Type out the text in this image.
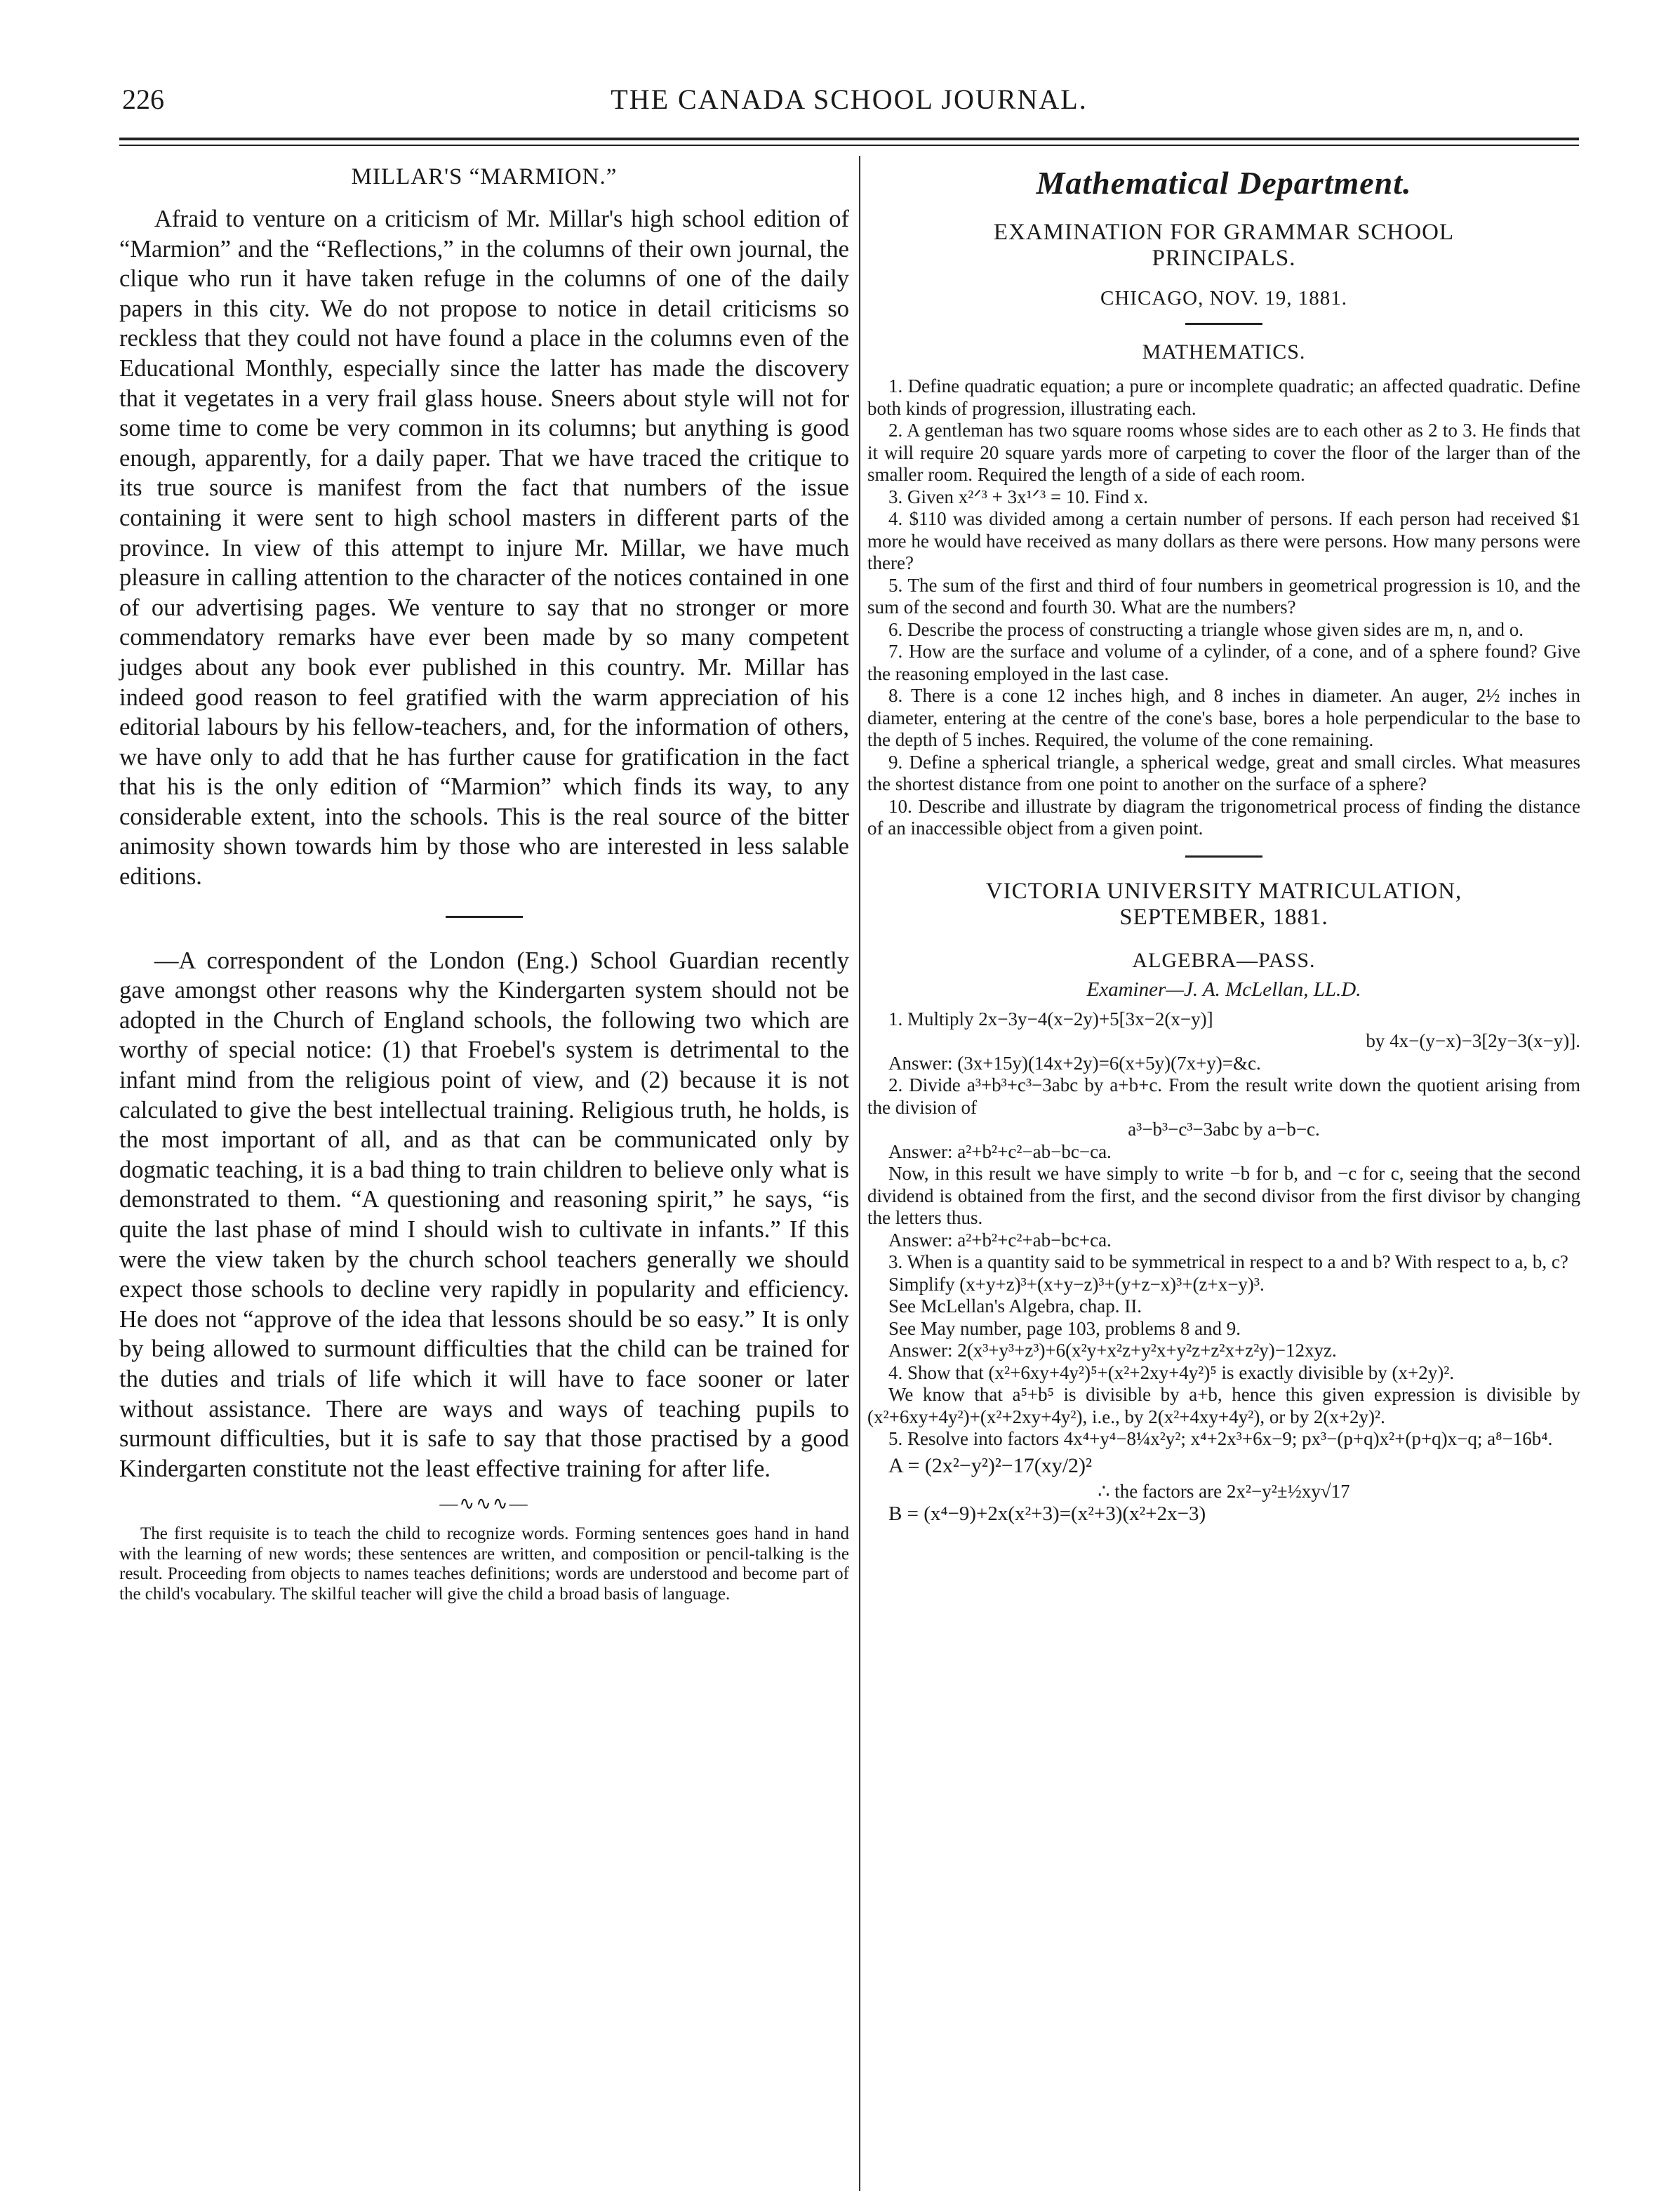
226	THE CANADA SCHOOL JOURNAL.
MILLAR'S “MARMION.”

Afraid to venture on a criticism of Mr. Millar's high school edition of “Marmion” and the “Reflections,” in the columns of their own journal, the clique who run it have taken refuge in the columns of one of the daily papers in this city. We do not propose to notice in detail criticisms so reckless that they could not have found a place in the columns even of the Educational Monthly, especially since the latter has made the discovery that it vegetates in a very frail glass house. Sneers about style will not for some time to come be very common in its columns; but anything is good enough, apparently, for a daily paper. That we have traced the critique to its true source is manifest from the fact that numbers of the issue containing it were sent to high school masters in different parts of the province. In view of this attempt to injure Mr. Millar, we have much pleasure in calling attention to the character of the notices contained in one of our advertising pages. We venture to say that no stronger or more commendatory remarks have ever been made by so many competent judges about any book ever published in this country. Mr. Millar has indeed good reason to feel gratified with the warm appreciation of his editorial labours by his fellow-teachers, and, for the information of others, we have only to add that he has further cause for gratification in the fact that his is the only edition of “Marmion” which finds its way, to any considerable extent, into the schools. This is the real source of the bitter animosity shown towards him by those who are interested in less salable editions.

—A correspondent of the London (Eng.) School Guardian recently gave amongst other reasons why the Kindergarten system should not be adopted in the Church of England schools, the following two which are worthy of special notice: (1) that Froebel's system is detrimental to the infant mind from the religious point of view, and (2) because it is not calculated to give the best intellectual training. Religious truth, he holds, is the most important of all, and as that can be communicated only by dogmatic teaching, it is a bad thing to train children to believe only what is demonstrated to them. “A questioning and reasoning spirit,” he says, “is quite the last phase of mind I should wish to cultivate in infants.” If this were the view taken by the church school teachers generally we should expect those schools to decline very rapidly in popularity and efficiency. He does not “approve of the idea that lessons should be so easy.” It is only by being allowed to surmount difficulties that the child can be trained for the duties and trials of life which it will have to face sooner or later without assistance. There are ways and ways of teaching pupils to surmount difficulties, but it is safe to say that those practised by a good Kindergarten constitute not the least effective training for after life.

—∿∿∿—

The first requisite is to teach the child to recognize words. Forming sentences goes hand in hand with the learning of new words; these sentences are written, and composition or pencil-talking is the result. Proceeding from objects to names teaches definitions; words are understood and become part of the child's vocabulary. The skilful teacher will give the child a broad basis of language.

Mathematical Department.
EXAMINATION FOR GRAMMAR SCHOOL
PRINCIPALS.
CHICAGO, NOV. 19, 1881.
MATHEMATICS.

1. Define quadratic equation; a pure or incomplete quadratic; an affected quadratic. Define both kinds of progression, illustrating each.

2. A gentleman has two square rooms whose sides are to each other as 2 to 3. He finds that it will require 20 square yards more of carpeting to cover the floor of the larger than of the smaller room. Required the length of a side of each room.

3. Given x²ᐟ³ + 3x¹ᐟ³ = 10. Find x.

4. $110 was divided among a certain number of persons. If each person had received $1 more he would have received as many dollars as there were persons. How many persons were there?

5. The sum of the first and third of four numbers in geometrical progression is 10, and the sum of the second and fourth 30. What are the numbers?

6. Describe the process of constructing a triangle whose given sides are m, n, and o.

7. How are the surface and volume of a cylinder, of a cone, and of a sphere found? Give the reasoning employed in the last case.

8. There is a cone 12 inches high, and 8 inches in diameter. An auger, 2½ inches in diameter, entering at the centre of the cone's base, bores a hole perpendicular to the base to the depth of 5 inches. Required, the volume of the cone remaining.

9. Define a spherical triangle, a spherical wedge, great and small circles. What measures the shortest distance from one point to another on the surface of a sphere?

10. Describe and illustrate by diagram the trigonometrical process of finding the distance of an inaccessible object from a given point.

VICTORIA UNIVERSITY MATRICULATION,
SEPTEMBER, 1881.
ALGEBRA—PASS.
Examiner—J. A. McLellan, LL.D.

1. Multiply 2x−3y−4(x−2y)+5[3x−2(x−y)]

by 4x−(y−x)−3[2y−3(x−y)].

Answer: (3x+15y)(14x+2y)=6(x+5y)(7x+y)=&c.

2. Divide a³+b³+c³−3abc by a+b+c. From the result write down the quotient arising from the division of

a³−b³−c³−3abc by a−b−c.

Answer: a²+b²+c²−ab−bc−ca.

Now, in this result we have simply to write −b for b, and −c for c, seeing that the second dividend is obtained from the first, and the second divisor from the first divisor by changing the letters thus.

Answer: a²+b²+c²+ab−bc+ca.

3. When is a quantity said to be symmetrical in respect to a and b? With respect to a, b, c?

Simplify (x+y+z)³+(x+y−z)³+(y+z−x)³+(z+x−y)³.

See McLellan's Algebra, chap. II.

See May number, page 103, problems 8 and 9.

Answer: 2(x³+y³+z³)+6(x²y+x²z+y²x+y²z+z²x+z²y)−12xyz.

4. Show that (x²+6xy+4y²)⁵+(x²+2xy+4y²)⁵ is exactly divisible by (x+2y)².

We know that a⁵+b⁵ is divisible by a+b, hence this given expression is divisible by (x²+6xy+4y²)+(x²+2xy+4y²), i.e., by 2(x²+4xy+4y²), or by 2(x+2y)².

5. Resolve into factors 4x⁴+y⁴−8¼x²y²; x⁴+2x³+6x−9; px³−(p+q)x²+(p+q)x−q; a⁸−16b⁴.

A = (2x²−y²)²−17(xy/2)²

∴ the factors are 2x²−y²±½xy√17

B = (x⁴−9)+2x(x²+3)=(x²+3)(x²+2x−3)
